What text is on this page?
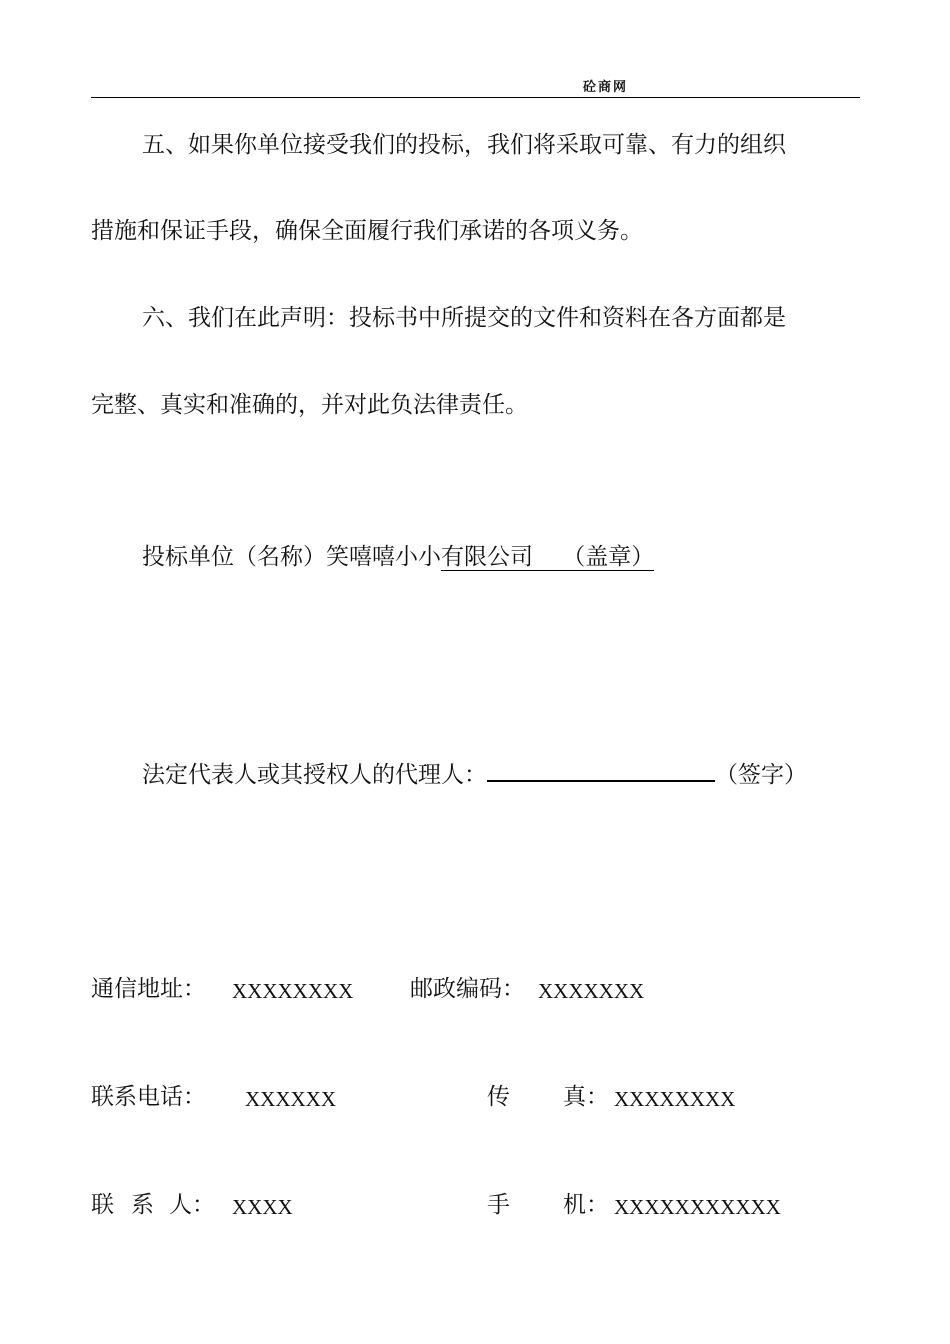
砼商网
五、如果你单位接受我们的投标，我们将采取可靠、有力的组织
措施和保证手段，确保全面履行我们承诺的各项义务。
六、我们在此声明：投标书中所提交的文件和资料在各方面都是
完整、真实和准确的，并对此负法律责任。
投标单位（名称）笑嘻嘻小小有限公司 （盖章）
法定代表人或其授权人的代理人：	（签字）
通信地址： XXXXXXXX 邮政编码： XXXXXXX
联系电话： XXXXXX	传 真： XXXXXXXX
联 系 人： XXXX	手 机： XXXXXXXXXXX
